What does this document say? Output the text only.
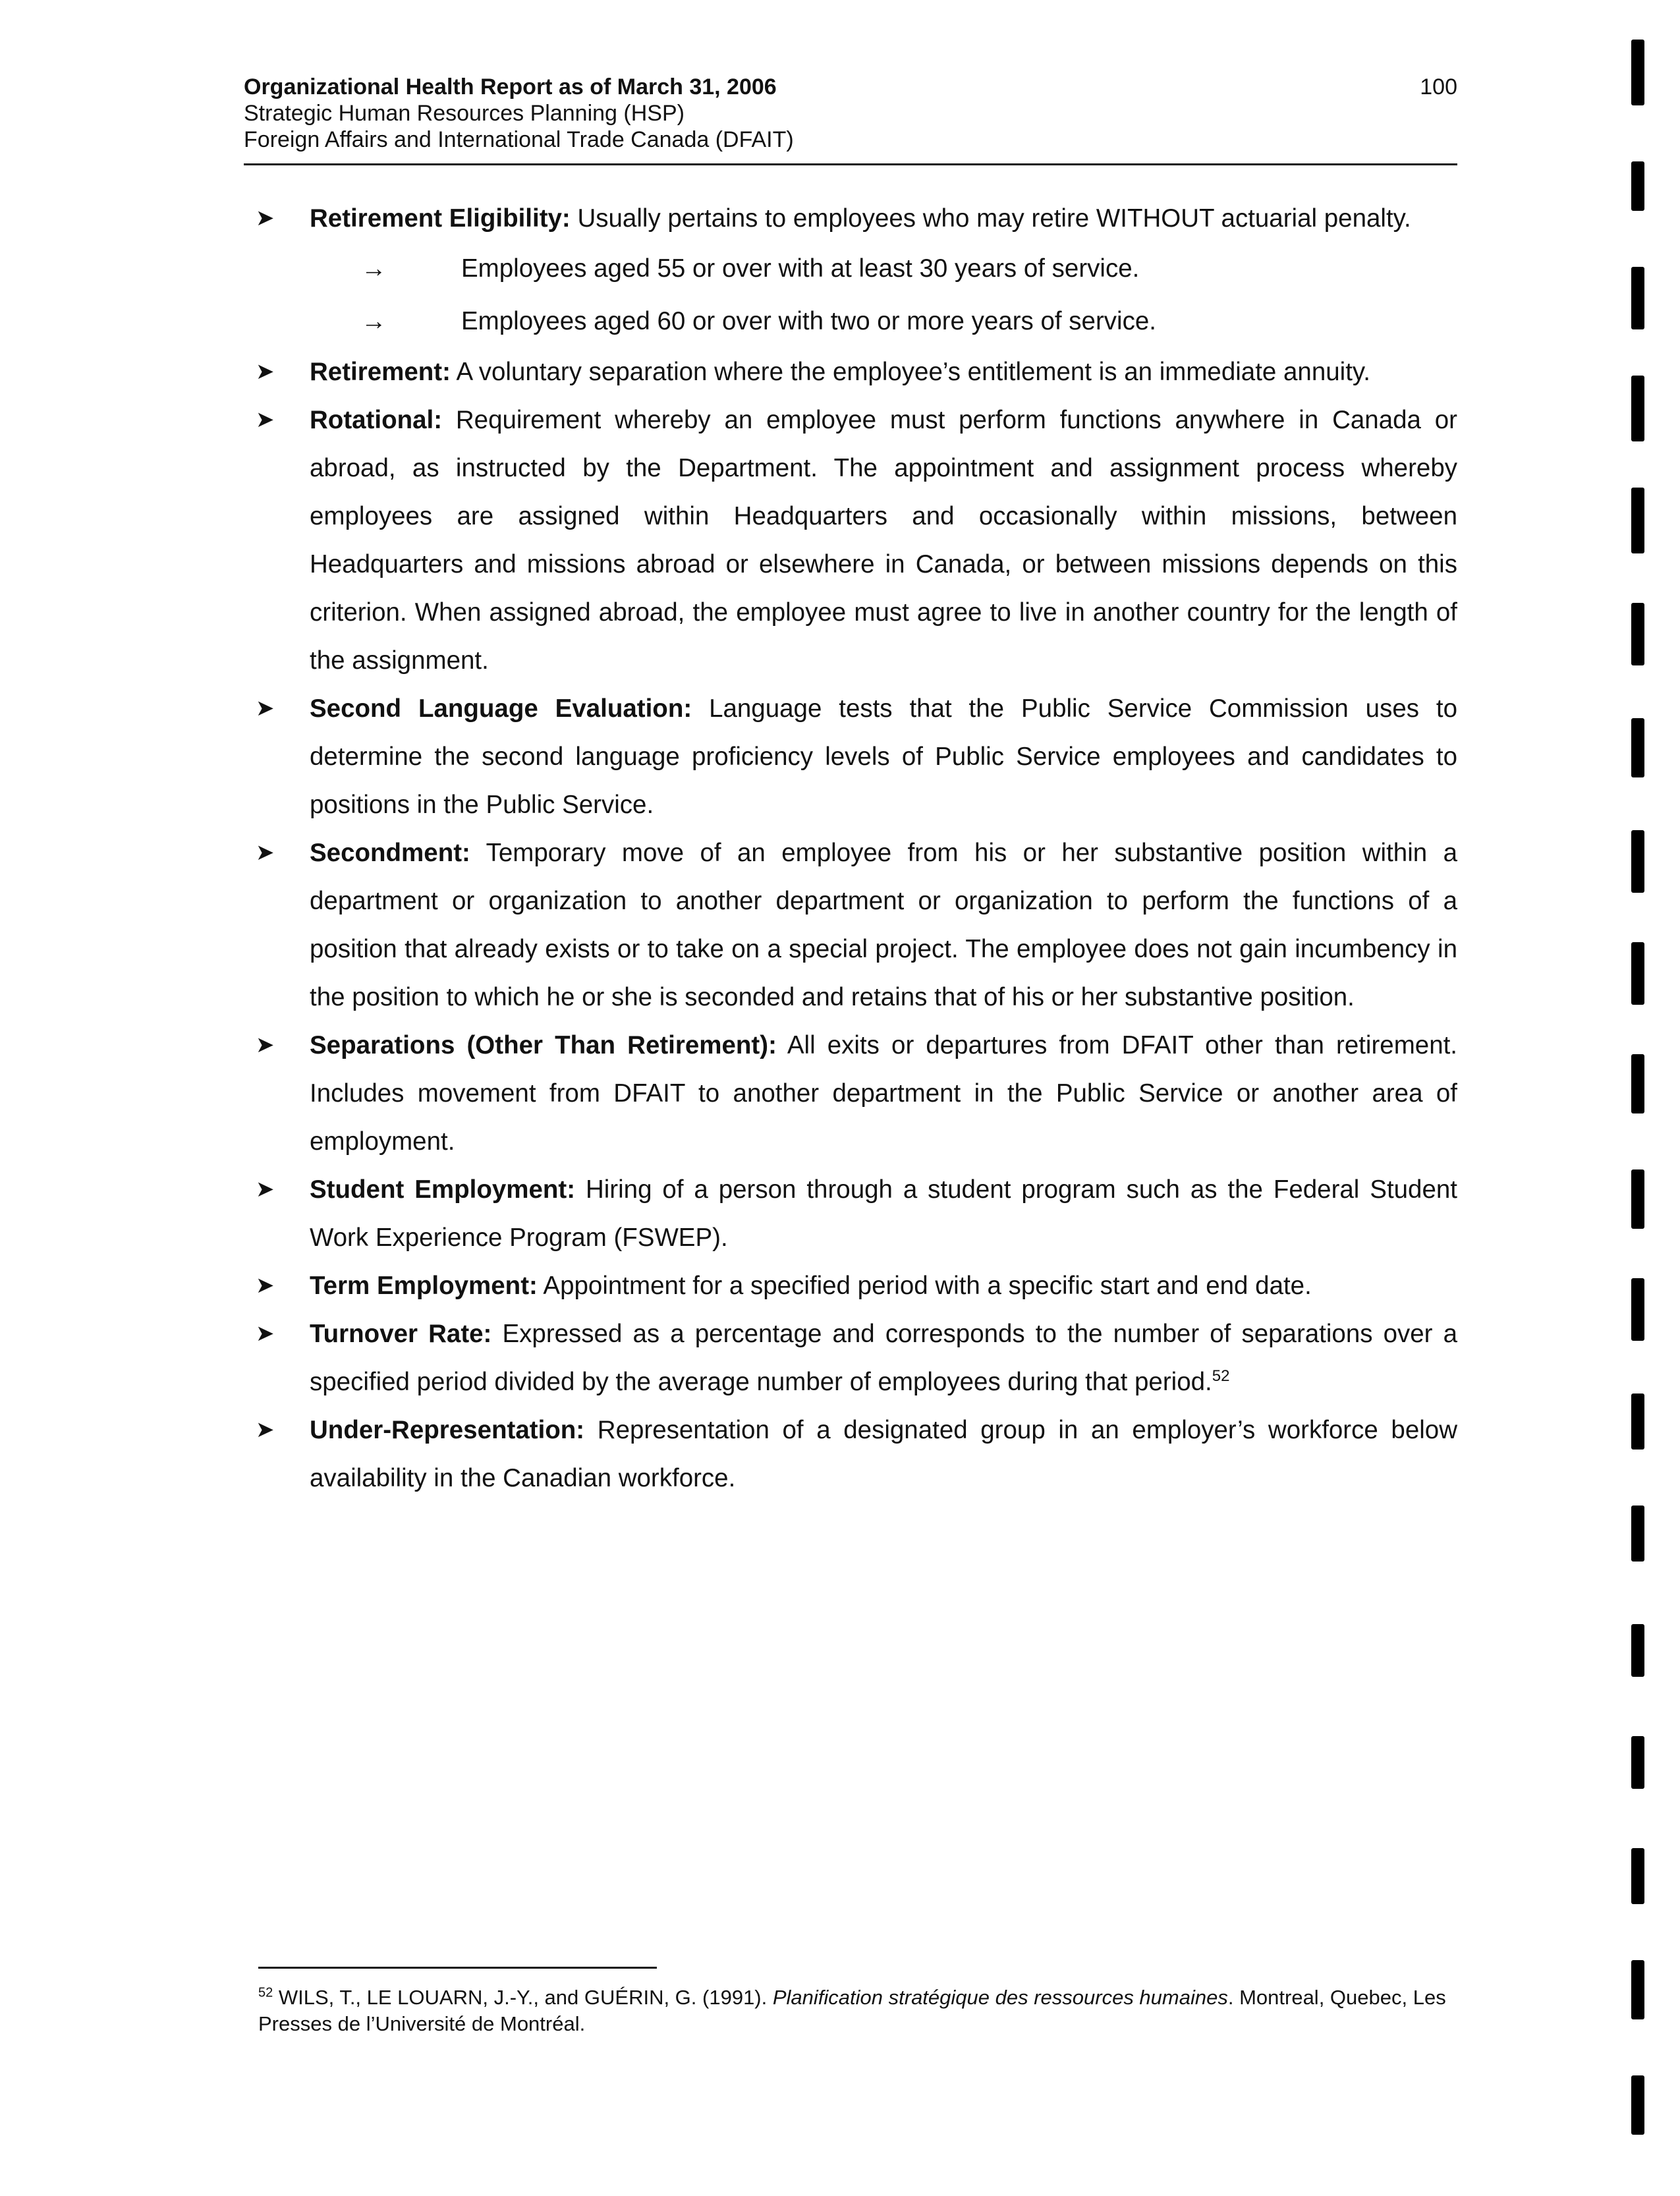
Organizational Health Report as of March 31, 2006
Strategic Human Resources Planning (HSP)
Foreign Affairs and International Trade Canada (DFAIT)
100
➤ Retirement Eligibility: Usually pertains to employees who may retire WITHOUT actuarial penalty.
→	Employees aged 55 or over with at least 30 years of service.
→	Employees aged 60 or over with two or more years of service.
➤ Retirement: A voluntary separation where the employee’s entitlement is an immediate annuity.
➤ Rotational: Requirement whereby an employee must perform functions anywhere in Canada or abroad, as instructed by the Department. The appointment and assignment process whereby employees are assigned within Headquarters and occasionally within missions, between Headquarters and missions abroad or elsewhere in Canada, or between missions depends on this criterion. When assigned abroad, the employee must agree to live in another country for the length of the assignment.
➤ Second Language Evaluation: Language tests that the Public Service Commission uses to determine the second language proficiency levels of Public Service employees and candidates to positions in the Public Service.
➤ Secondment: Temporary move of an employee from his or her substantive position within a department or organization to another department or organization to perform the functions of a position that already exists or to take on a special project. The employee does not gain incumbency in the position to which he or she is seconded and retains that of his or her substantive position.
➤ Separations (Other Than Retirement): All exits or departures from DFAIT other than retirement. Includes movement from DFAIT to another department in the Public Service or another area of employment.
➤ Student Employment: Hiring of a person through a student program such as the Federal Student Work Experience Program (FSWEP).
➤ Term Employment: Appointment for a specified period with a specific start and end date.
➤ Turnover Rate: Expressed as a percentage and corresponds to the number of separations over a specified period divided by the average number of employees during that period.$^{52}$
➤ Under-Representation: Representation of a designated group in an employer’s workforce below availability in the Canadian workforce.
$^{52}$ WILS, T., LE LOUARN, J.-Y., and GUÉRIN, G. (1991). Planification stratégique des ressources humaines. Montreal, Quebec, Les Presses de l’Université de Montréal.
